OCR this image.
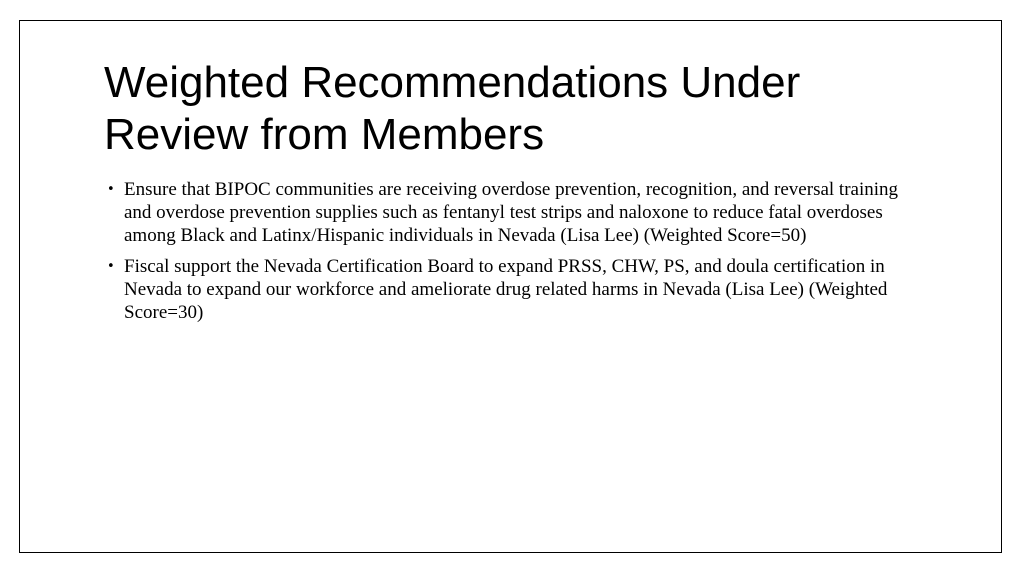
Weighted Recommendations Under Review from Members
• Ensure that BIPOC communities are receiving overdose prevention, recognition, and reversal training and overdose prevention supplies such as fentanyl test strips and naloxone to reduce fatal overdoses among Black and Latinx/Hispanic individuals in Nevada (Lisa Lee) (Weighted Score=50)
• Fiscal support the Nevada Certification Board to expand PRSS, CHW, PS, and doula certification in Nevada to expand our workforce and ameliorate drug related harms in Nevada (Lisa Lee) (Weighted Score=30)
